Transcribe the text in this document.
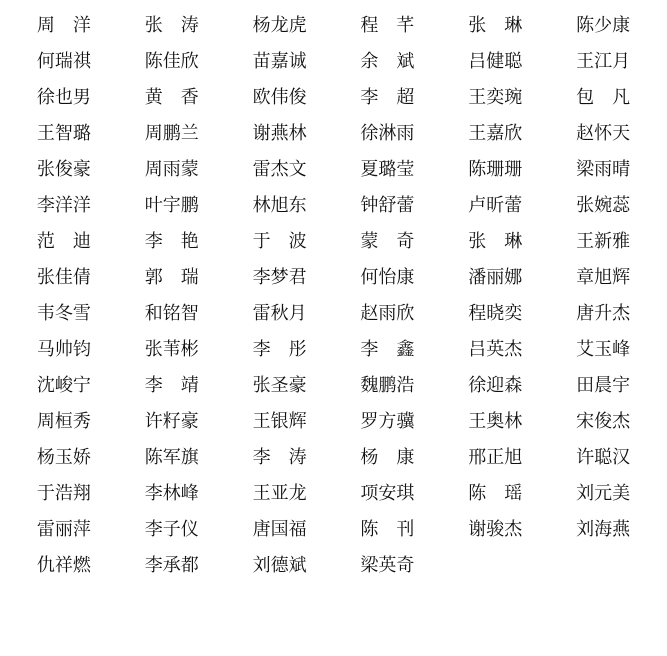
周　洋	张　涛	杨龙虎	程　芊	张　琳	陈少康
何瑞祺	陈佳欣	苗嘉诚	余　斌	吕健聪	王江月
徐也男	黄　香	欧伟俊	李　超	王奕琬	包　凡
王智璐	周鹏兰	谢燕林	徐淋雨	王嘉欣	赵怀天
张俊豪	周雨蒙	雷杰文	夏璐莹	陈珊珊	梁雨晴
李洋洋	叶宇鹏	林旭东	钟舒蕾	卢昕蕾	张婉蕊
范　迪	李　艳	于　波	蒙　奇	张　琳	王新雅
张佳倩	郭　瑞	李梦君	何怡康	潘丽娜	章旭辉
韦冬雪	和铭智	雷秋月	赵雨欣	程晓奕	唐升杰
马帅钧	张苇彬	李　彤	李　鑫	吕英杰	艾玉峰
沈峻宁	李　靖	张圣豪	魏鹏浩	徐迎森	田晨宇
周桓秀	许籽豪	王银辉	罗方骥	王奥林	宋俊杰
杨玉娇	陈军旗	李　涛	杨　康	邢正旭	许聪汉
于浩翔	李林峰	王亚龙	项安琪	陈　瑶	刘元美
雷丽萍	李子仪	唐国福	陈　刊	谢骏杰	刘海燕
仇祥燃	李承都	刘德斌	梁英奇
